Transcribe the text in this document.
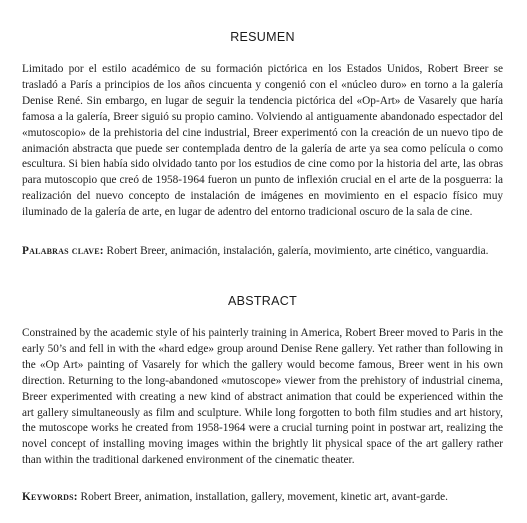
RESUMEN

Limitado por el estilo académico de su formación pictórica en los Estados Unidos, Robert Breer se trasladó a París a principios de los años cincuenta y congenió con el «núcleo duro» en torno a la galería Denise René. Sin embargo, en lugar de seguir la tendencia pictórica del «Op-Art» de Vasarely que haría famosa a la galería, Breer siguió su propio camino. Volviendo al antiguamente abandonado espectador del «mutoscopio» de la prehistoria del cine industrial, Breer experimentó con la creación de un nuevo tipo de animación abstracta que puede ser contemplada dentro de la galería de arte ya sea como película o como escultura. Si bien había sido olvidado tanto por los estudios de cine como por la historia del arte, las obras para mutoscopio que creó de 1958-1964 fueron un punto de inflexión crucial en el arte de la posguerra: la realización del nuevo concepto de instalación de imágenes en movimiento en el espacio físico muy iluminado de la galería de arte, en lugar de adentro del entorno tradicional oscuro de la sala de cine.

Palabras clave: Robert Breer, animación, instalación, galería, movimiento, arte cinético, vanguardia.

ABSTRACT

Constrained by the academic style of his painterly training in America, Robert Breer moved to Paris in the early 50’s and fell in with the «hard edge» group around Denise Rene gallery. Yet rather than following in the «Op Art» painting of Vasarely for which the gallery would become famous, Breer went in his own direction. Returning to the long-abandoned «mutoscope» viewer from the prehistory of industrial cinema, Breer experimented with creating a new kind of abstract animation that could be experienced within the art gallery simultaneously as film and sculpture. While long forgotten to both film studies and art history, the mutoscope works he created from 1958-1964 were a crucial turning point in postwar art, realizing the novel concept of installing moving images within the brightly lit physical space of the art gallery rather than within the traditional darkened environment of the cinematic theater.

Keywords: Robert Breer, animation, installation, gallery, movement, kinetic art, avant-garde.
